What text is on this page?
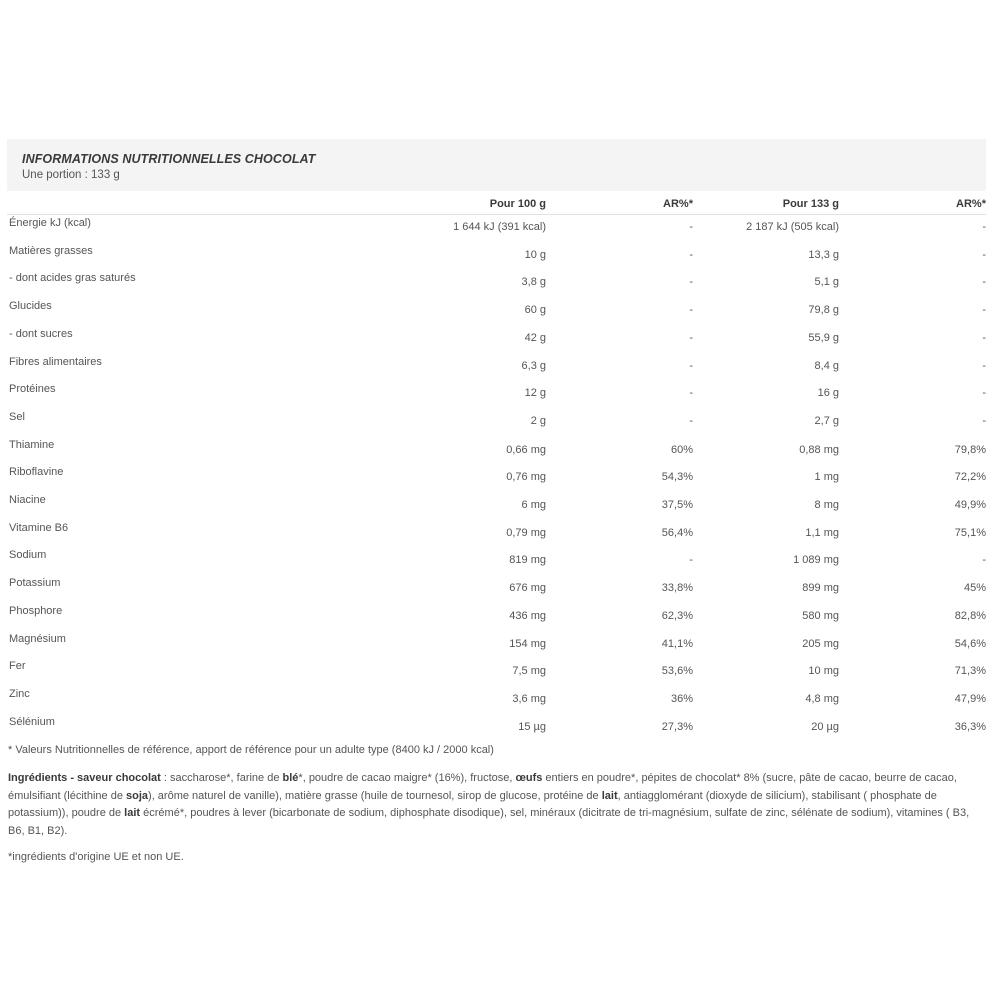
INFORMATIONS NUTRITIONNELLES CHOCOLAT
Une portion : 133 g
Pour 100 g	AR%*	Pour 133 g	AR%*
Énergie kJ (kcal)	1 644 kJ (391 kcal)	-	2 187 kJ (505 kcal)	-
Matières grasses	10 g	-	13,3 g	-
- dont acides gras saturés	3,8 g	-	5,1 g	-
Glucides	60 g	-	79,8 g	-
- dont sucres	42 g	-	55,9 g	-
Fibres alimentaires	6,3 g	-	8,4 g	-
Protéines	12 g	-	16 g	-
Sel	2 g	-	2,7 g	-
Thiamine	0,66 mg	60%	0,88 mg	79,8%
Riboflavine	0,76 mg	54,3%	1 mg	72,2%
Niacine	6 mg	37,5%	8 mg	49,9%
Vitamine B6	0,79 mg	56,4%	1,1 mg	75,1%
Sodium	819 mg	-	1 089 mg	-
Potassium	676 mg	33,8%	899 mg	45%
Phosphore	436 mg	62,3%	580 mg	82,8%
Magnésium	154 mg	41,1%	205 mg	54,6%
Fer	7,5 mg	53,6%	10 mg	71,3%
Zinc	3,6 mg	36%	4,8 mg	47,9%
Sélénium	15 µg	27,3%	20 µg	36,3%
* Valeurs Nutritionnelles de référence, apport de référence pour un adulte type (8400 kJ / 2000 kcal)
Ingrédients - saveur chocolat : saccharose*, farine de blé*, poudre de cacao maigre* (16%), fructose, œufs entiers en poudre*, pépites de chocolat* 8% (sucre, pâte de cacao, beurre de cacao, émulsifiant (lécithine de soja), arôme naturel de vanille), matière grasse (huile de tournesol, sirop de glucose, protéine de lait, antiagglomérant (dioxyde de silicium), stabilisant ( phosphate de potassium)), poudre de lait écrémé*, poudres à lever (bicarbonate de sodium, diphosphate disodique), sel, minéraux (dicitrate de tri-magnésium, sulfate de zinc, sélénate de sodium), vitamines ( B3, B6, B1, B2).
*ingrédients d'origine UE et non UE.
